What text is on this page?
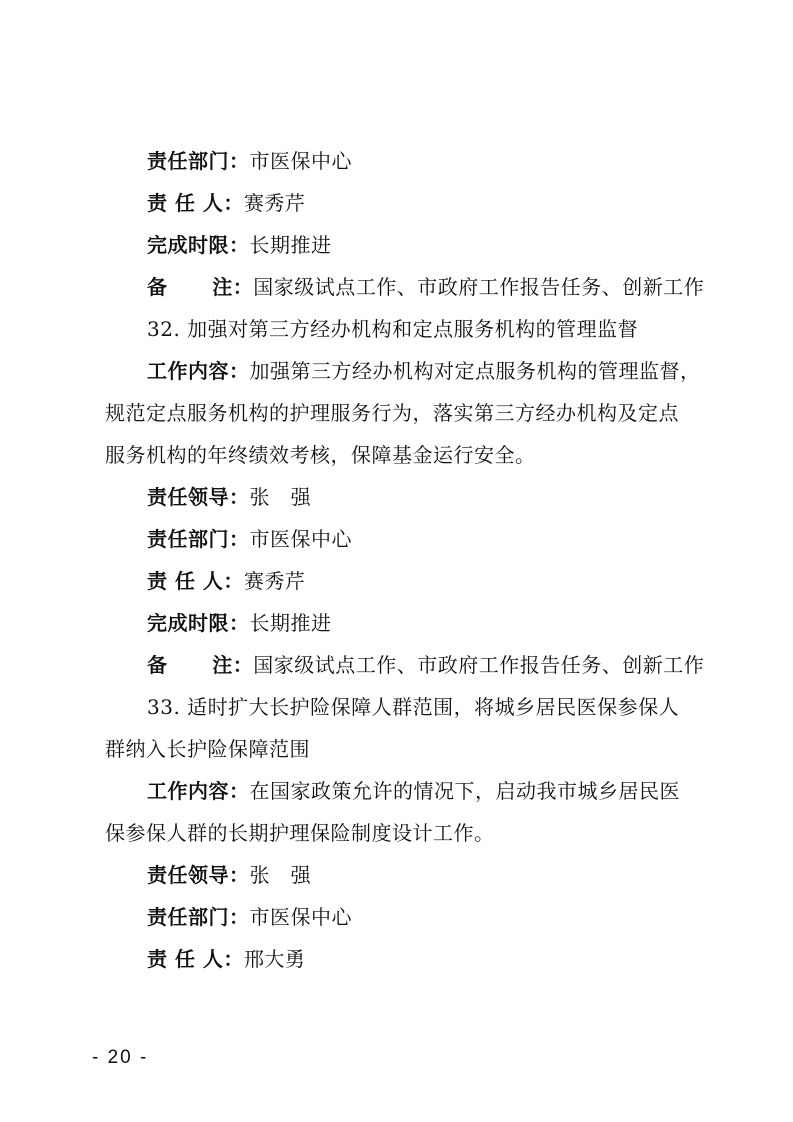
责任部门：市医保中心
责 任 人：赛秀芹
完成时限：长期推进
备      注：国家级试点工作、市政府工作报告任务、创新工作
32. 加强对第三方经办机构和定点服务机构的管理监督
工作内容：加强第三方经办机构对定点服务机构的管理监督，
规范定点服务机构的护理服务行为，落实第三方经办机构及定点
服务机构的年终绩效考核，保障基金运行安全。
责任领导：张   强
责任部门：市医保中心
责 任 人：赛秀芹
完成时限：长期推进
备      注：国家级试点工作、市政府工作报告任务、创新工作
33. 适时扩大长护险保障人群范围，将城乡居民医保参保人
群纳入长护险保障范围
工作内容：在国家政策允许的情况下，启动我市城乡居民医
保参保人群的长期护理保险制度设计工作。
责任领导：张   强
责任部门：市医保中心
责 任 人：邢大勇
- 20 -
